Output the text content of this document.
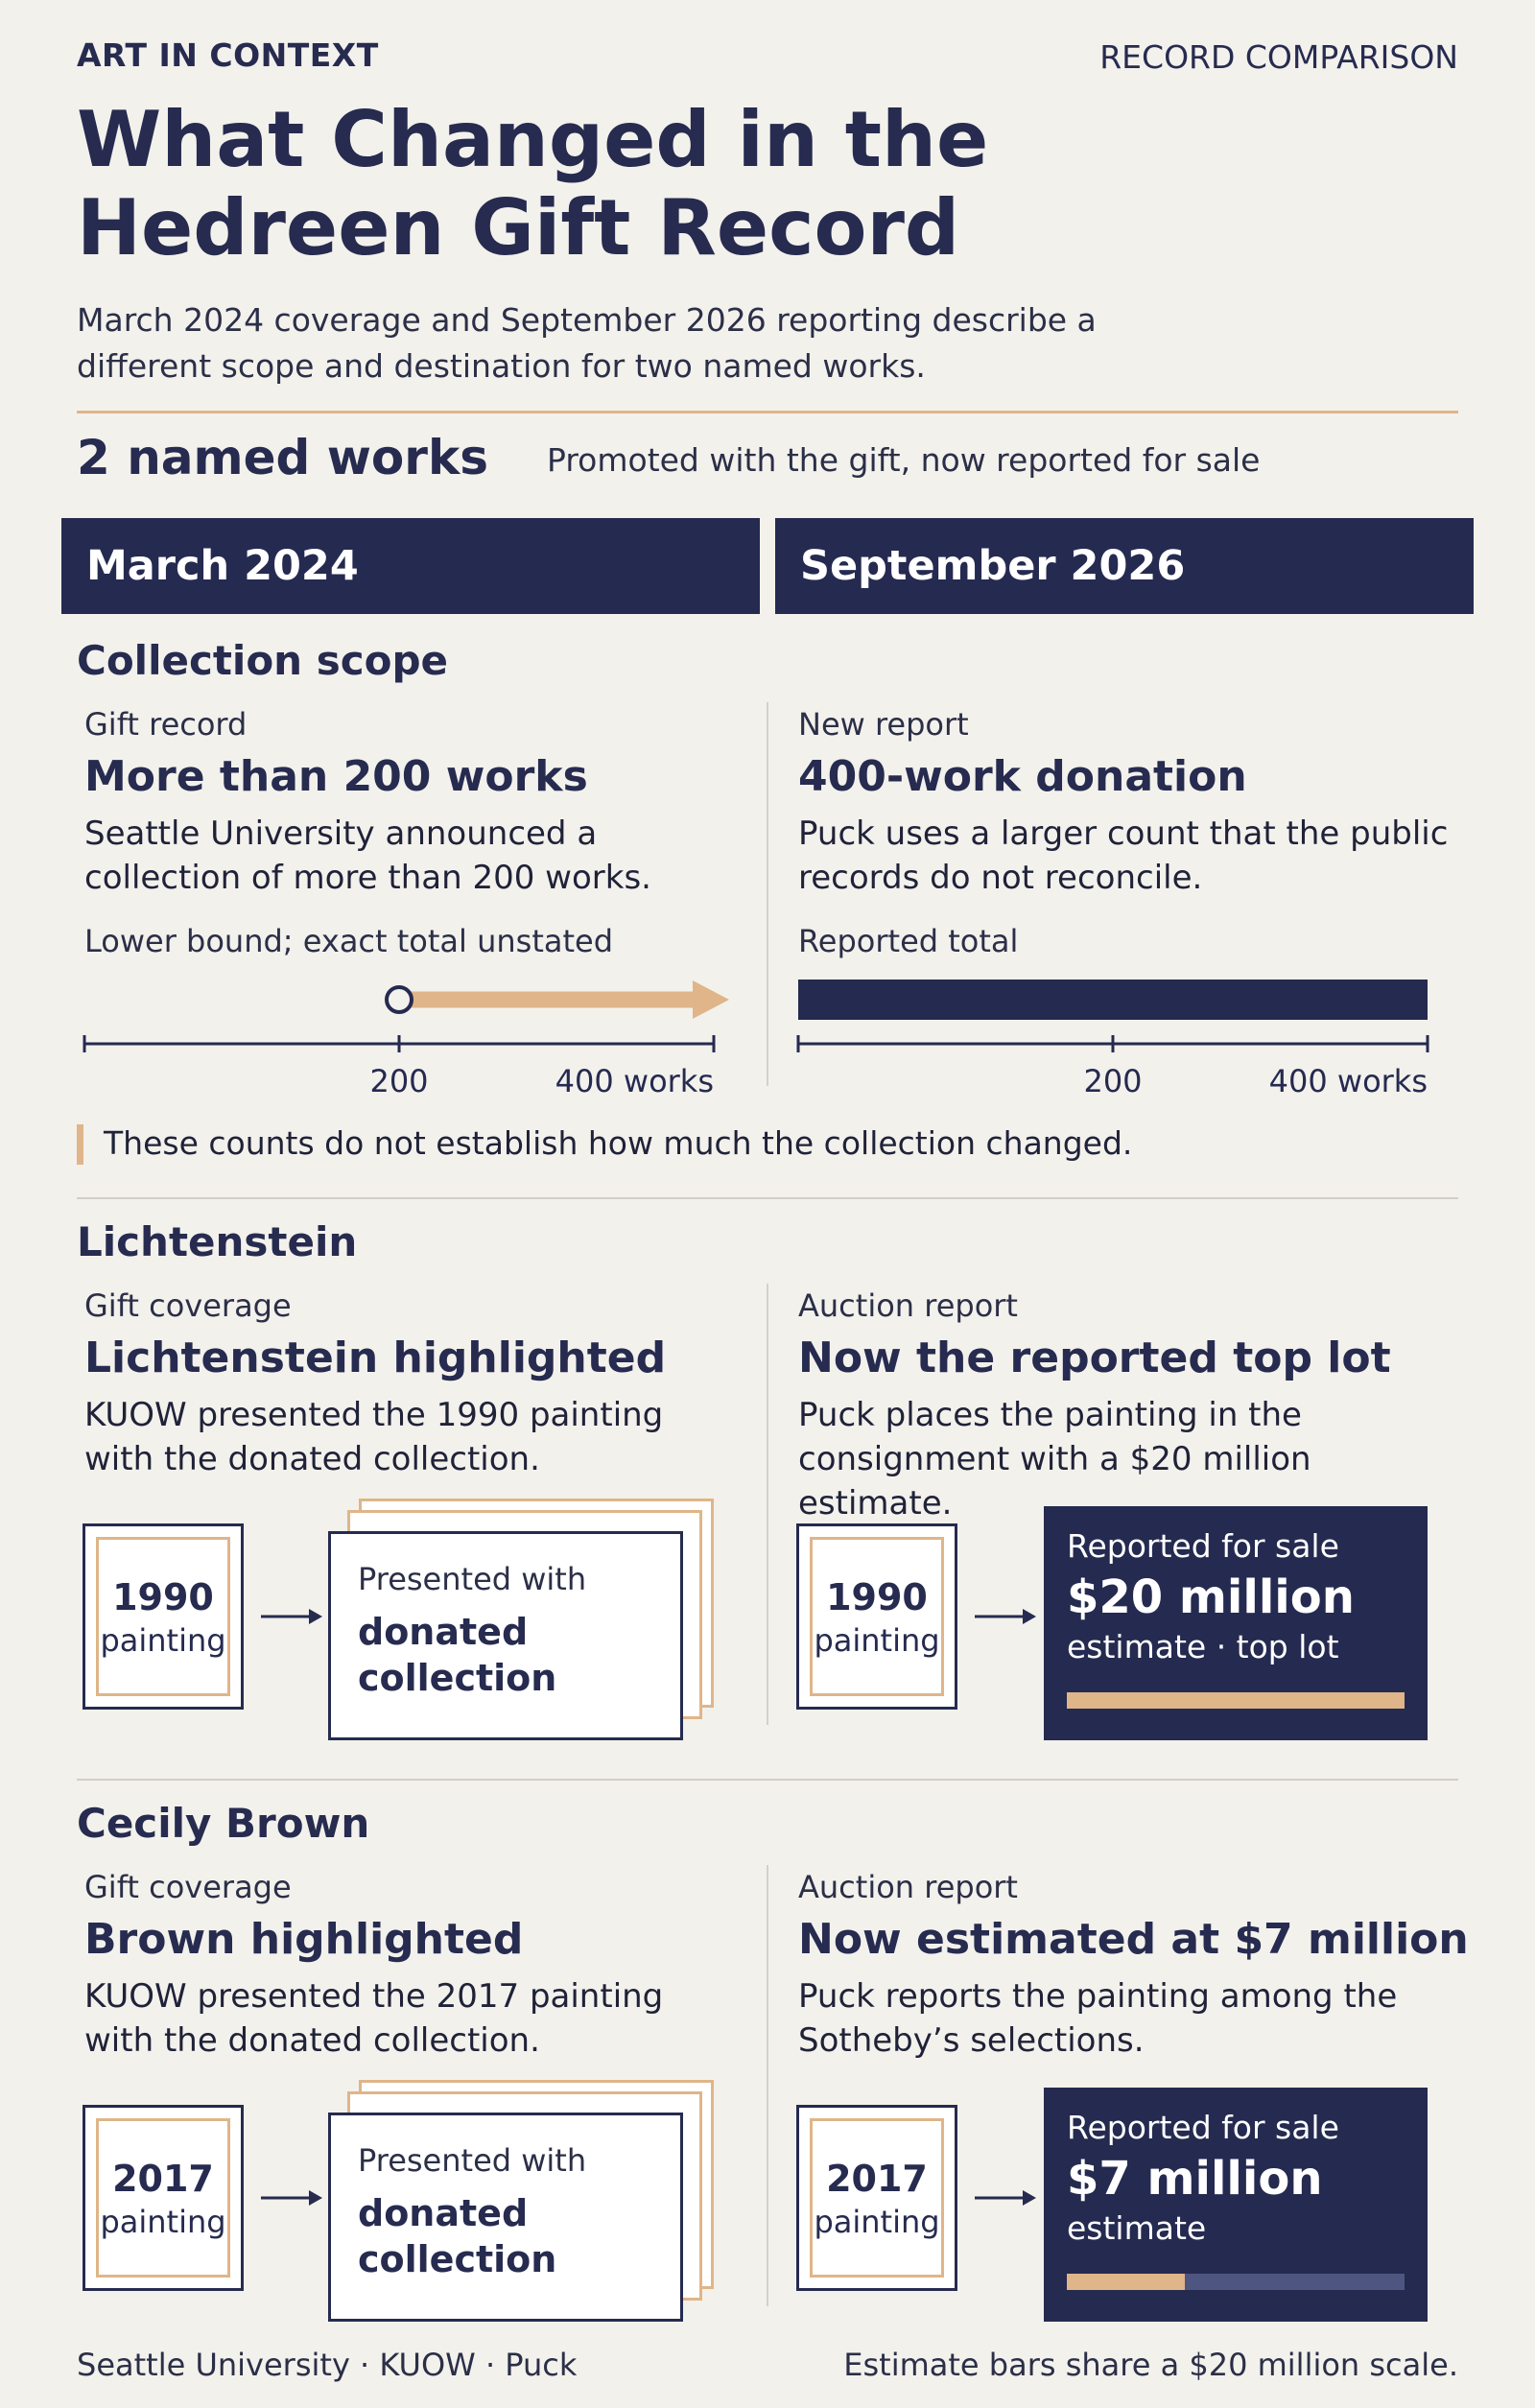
ART IN CONTEXT	RECORD COMPARISON
What Changed in the Hedreen Gift Record
March 2024 coverage and September 2026 reporting describe a different scope and destination for two named works.
2 named works Promoted with the gift, now reported for sale
March 2024	September 2026
Collection scope
Gift record
More than 200 works
Seattle University announced a collection of more than 200 works.
Lower bound; exact total unstated
200	400 works	200	400 works
New report
400-work donation
Puck uses a larger count that the public records do not reconcile.
Reported total
These counts do not establish how much the collection changed.
Lichtenstein
Gift coverage
Lichtenstein highlighted
KUOW presented the 1990 painting with the donated collection.
1990
painting
Presented with
donated collection
Auction report
Now the reported top lot
Puck places the painting in the consignment with a $20 million estimate.
1990
painting
Reported for sale
$20 million
estimate · top lot
Cecily Brown
Gift coverage
Brown highlighted
KUOW presented the 2017 painting with the donated collection.
2017
painting
Presented with
donated collection
Auction report
Now estimated at $7 million
Puck reports the painting among the Sotheby’s selections.
2017
painting
Reported for sale
$7 million
estimate
Seattle University · KUOW · Puck	Estimate bars share a $20 million scale.
